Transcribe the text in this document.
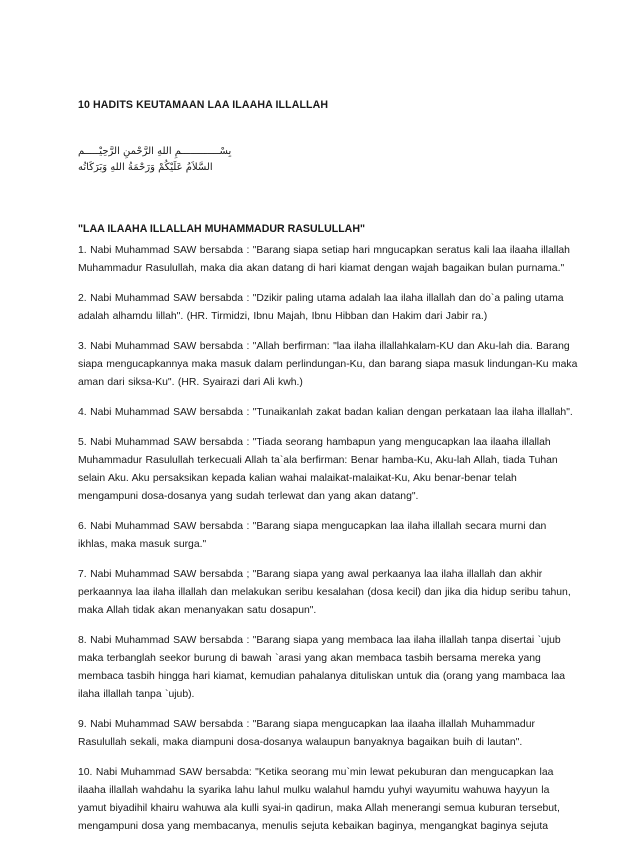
10 HADITS KEUTAMAAN LAA ILAAHA ILLALLAH

بِسْـــــــــــــمِ اللهِ الرَّحْمنِ الرَّحِيْـــــم
السَّلاَمُ عَلَيْكُمْ وَرَحْمَةُ اللهِ وَبَرَكَاتُه

"LAA ILAAHA ILLALLAH MUHAMMADUR RASULULLAH"

1. Nabi Muhammad SAW bersabda : "Barang siapa setiap hari mngucapkan seratus kali laa ilaaha illallah Muhammadur Rasulullah, maka dia akan datang di hari kiamat dengan wajah bagaikan bulan purnama."

2. Nabi Muhammad SAW bersabda : "Dzikir paling utama adalah laa ilaha illallah dan do`a paling utama adalah alhamdu lillah". (HR. Tirmidzi, Ibnu Majah, Ibnu Hibban dan Hakim dari Jabir ra.)

3. Nabi Muhammad SAW bersabda : "Allah berfirman: "laa ilaha illallahkalam-KU dan Aku-lah dia. Barang siapa mengucapkannya maka masuk dalam perlindungan-Ku, dan barang siapa masuk lindungan-Ku maka aman dari siksa-Ku". (HR. Syairazi dari Ali kwh.)

4. Nabi Muhammad SAW bersabda : "Tunaikanlah zakat badan kalian dengan perkataan laa ilaha illallah".

5. Nabi Muhammad SAW bersabda : "Tiada seorang hambapun yang mengucapkan laa ilaaha illallah Muhammadur Rasulullah terkecuali Allah ta`ala berfirman: Benar hamba-Ku, Aku-lah Allah, tiada Tuhan selain Aku. Aku persaksikan kepada kalian wahai malaikat-malaikat-Ku, Aku benar-benar telah mengampuni dosa-dosanya yang sudah terlewat dan yang akan datang".

6. Nabi Muhammad SAW bersabda : "Barang siapa mengucapkan laa ilaha illallah secara murni dan ikhlas, maka masuk surga."

7. Nabi Muhammad SAW bersabda ; "Barang siapa yang awal perkaanya laa ilaha illallah dan akhir perkaannya laa ilaha illallah dan melakukan seribu kesalahan (dosa kecil) dan jika dia hidup seribu tahun, maka Allah tidak akan menanyakan satu dosapun".

8. Nabi Muhammad SAW bersabda : "Barang siapa yang membaca laa ilaha illallah tanpa disertai `ujub maka terbanglah seekor burung di bawah `arasi yang akan membaca tasbih bersama mereka yang membaca tasbih hingga hari kiamat, kemudian pahalanya dituliskan untuk dia (orang yang mambaca laa ilaha illallah tanpa `ujub).

9. Nabi Muhammad SAW bersabda : "Barang siapa mengucapkan laa ilaaha illallah Muhammadur Rasulullah sekali, maka diampuni dosa-dosanya walaupun banyaknya bagaikan buih di lautan".

10. Nabi Muhammad SAW bersabda: "Ketika seorang mu`min lewat pekuburan dan mengucapkan laa ilaaha illallah wahdahu la syarika lahu lahul mulku walahul hamdu yuhyi wayumitu wahuwa hayyun la yamut biyadihil khairu wahuwa ala kulli syai-in qadirun, maka Allah menerangi semua kuburan tersebut, mengampuni dosa yang membacanya, menulis sejuta kebaikan baginya, mengangkat baginya sejuta
